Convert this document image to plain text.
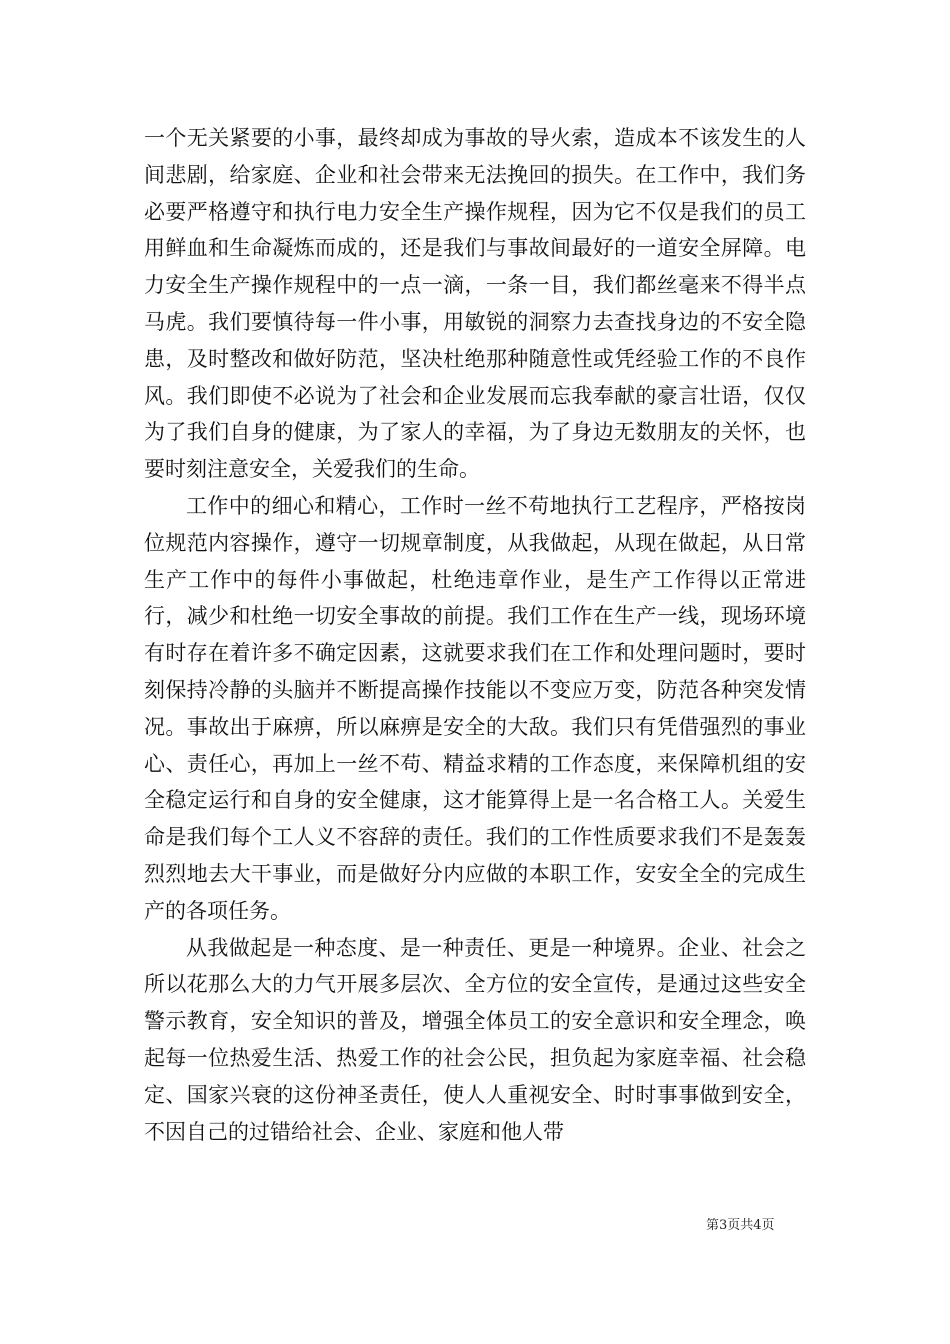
一个无关紧要的小事，最终却成为事故的导火索，造成本不该发生的人间悲剧，给家庭、企业和社会带来无法挽回的损失。在工作中，我们务必要严格遵守和执行电力安全生产操作规程，因为它不仅是我们的员工用鲜血和生命凝炼而成的，还是我们与事故间最好的一道安全屏障。电力安全生产操作规程中的一点一滴，一条一目，我们都丝毫来不得半点马虎。我们要慎待每一件小事，用敏锐的洞察力去查找身边的不安全隐患，及时整改和做好防范，坚决杜绝那种随意性或凭经验工作的不良作风。我们即使不必说为了社会和企业发展而忘我奉献的豪言壮语，仅仅为了我们自身的健康，为了家人的幸福，为了身边无数朋友的关怀，也要时刻注意安全，关爱我们的生命。

工作中的细心和精心，工作时一丝不苟地执行工艺程序，严格按岗位规范内容操作，遵守一切规章制度，从我做起，从现在做起，从日常生产工作中的每件小事做起，杜绝违章作业，是生产工作得以正常进行，减少和杜绝一切安全事故的前提。我们工作在生产一线，现场环境有时存在着许多不确定因素，这就要求我们在工作和处理问题时，要时刻保持冷静的头脑并不断提高操作技能以不变应万变，防范各种突发情况。事故出于麻痹，所以麻痹是安全的大敌。我们只有凭借强烈的事业心、责任心，再加上一丝不苟、精益求精的工作态度，来保障机组的安全稳定运行和自身的安全健康，这才能算得上是一名合格工人。关爱生命是我们每个工人义不容辞的责任。我们的工作性质要求我们不是轰轰烈烈地去大干事业，而是做好分内应做的本职工作，安安全全的完成生产的各项任务。

从我做起是一种态度、是一种责任、更是一种境界。企业、社会之所以花那么大的力气开展多层次、全方位的安全宣传，是通过这些安全警示教育，安全知识的普及，增强全体员工的安全意识和安全理念，唤起每一位热爱生活、热爱工作的社会公民，担负起为家庭幸福、社会稳定、国家兴衰的这份神圣责任，使人人重视安全、时时事事做到安全，不因自己的过错给社会、企业、家庭和他人带

第3页共4页
